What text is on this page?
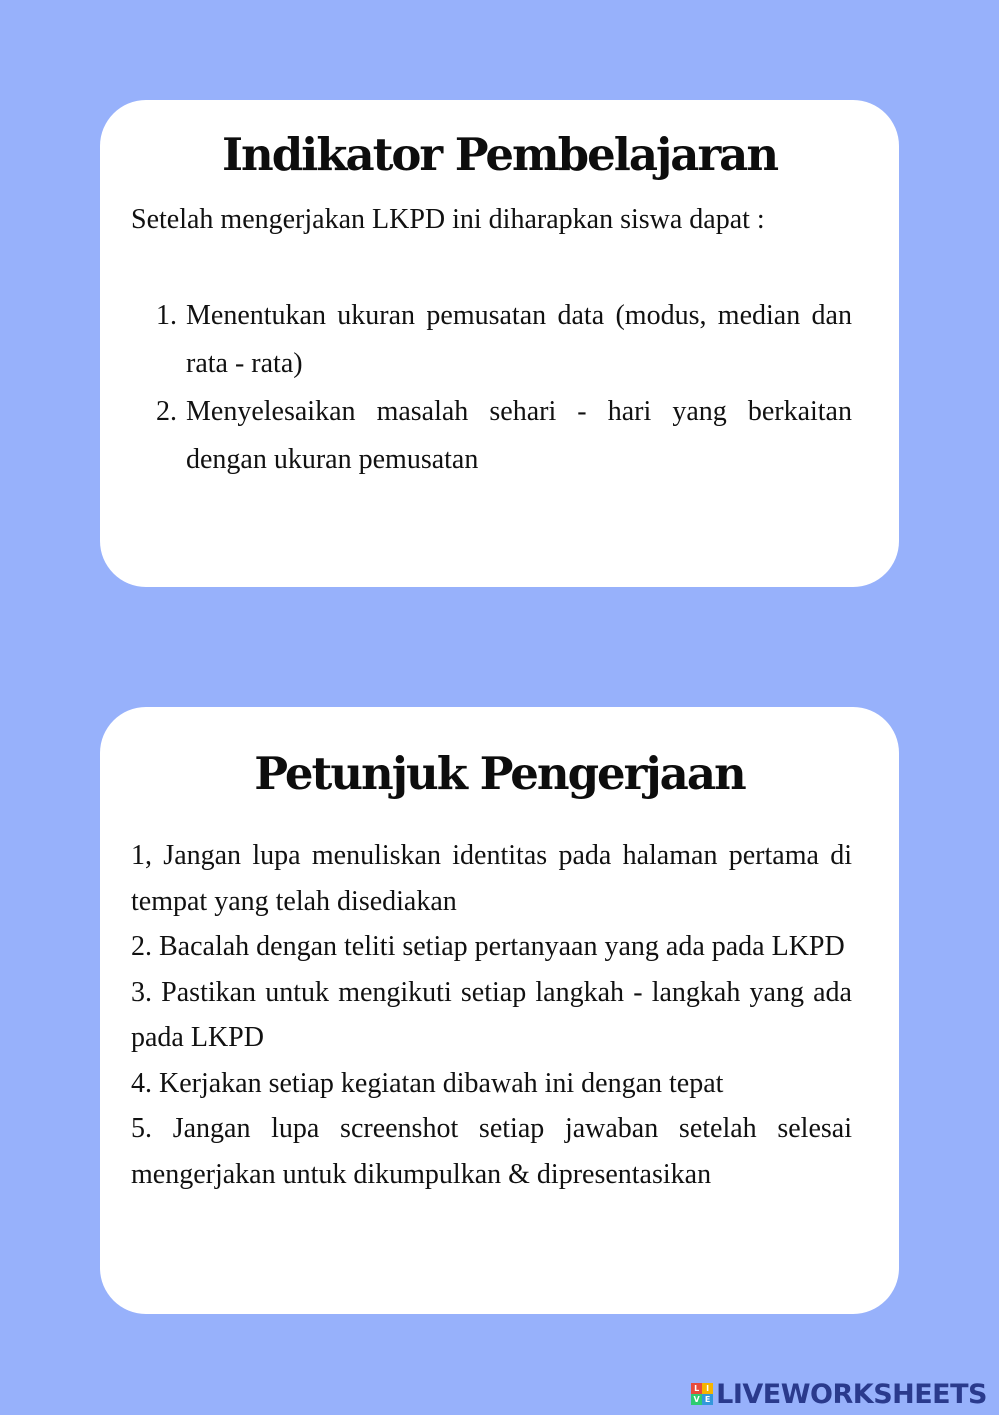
Indikator Pembelajaran

Setelah mengerjakan LKPD ini diharapkan siswa dapat :

1. Menentukan ukuran pemusatan data (modus, median dan rata - rata)
2. Menyelesaikan masalah sehari - hari yang berkaitan dengan ukuran pemusatan
Petunjuk Pengerjaan
1, Jangan lupa menuliskan identitas pada halaman pertama di tempat yang telah disediakan
2. Bacalah dengan teliti setiap pertanyaan yang ada pada LKPD
3. Pastikan untuk mengikuti setiap langkah - langkah yang ada pada LKPD
4. Kerjakan setiap kegiatan dibawah ini dengan tepat
5. Jangan lupa screenshot setiap jawaban setelah selesai mengerjakan untuk dikumpulkan & dipresentasikan
L I
V E LIVEWORKSHEETS
